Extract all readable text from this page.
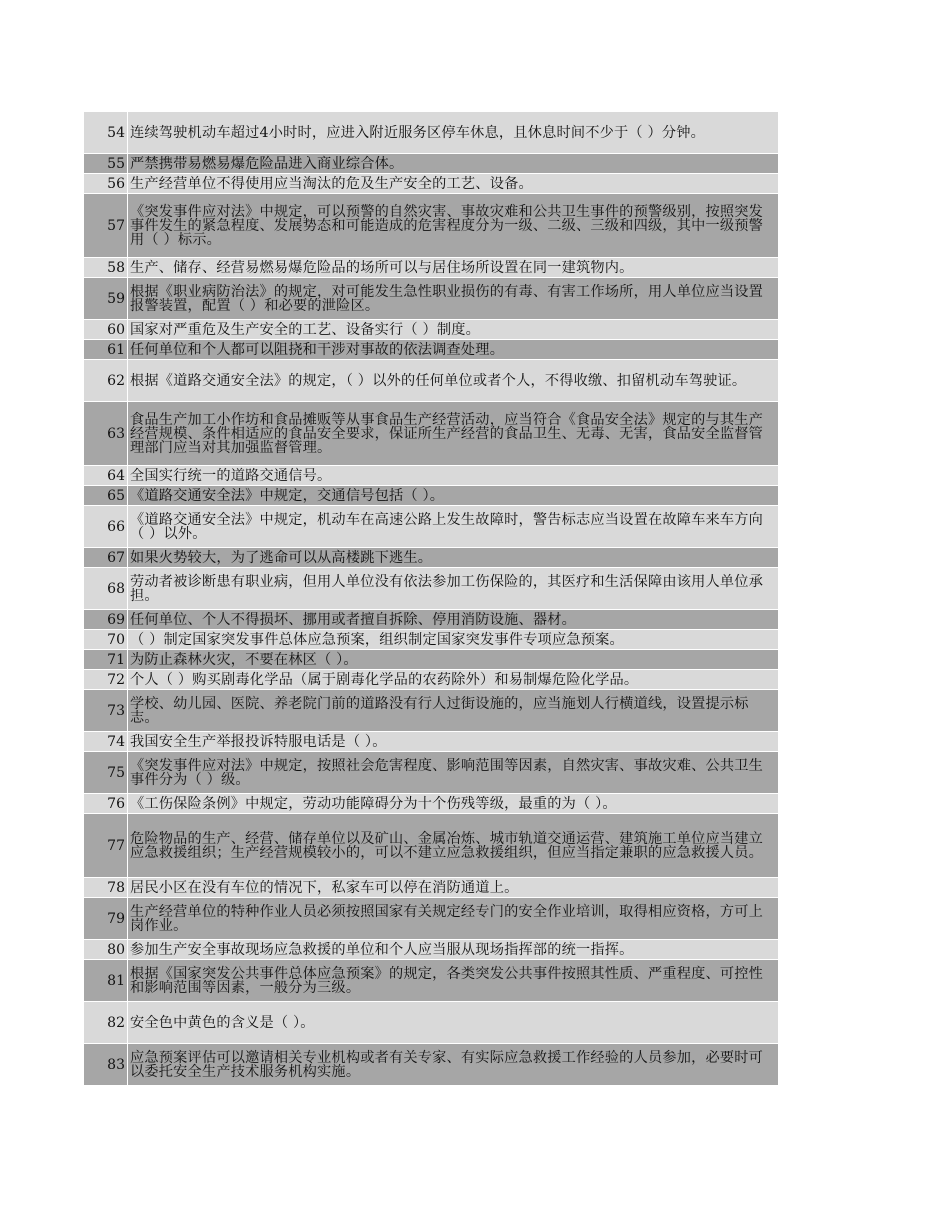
54 连续驾驶机动车超过4小时时，应进入附近服务区停车休息，且休息时间不少于（ ）分钟。
55 严禁携带易燃易爆危险品进入商业综合体。
56 生产经营单位不得使用应当淘汰的危及生产安全的工艺、设备。
57
《突发事件应对法》中规定，可以预警的自然灾害、事故灾难和公共卫生事件的预警级别，按照突发事件发生的紧急程度、发展势态和可能造成的危害程度分为一级、二级、三级和四级，其中一级预警用（ ）标示。
58 生产、储存、经营易燃易爆危险品的场所可以与居住场所设置在同一建筑物内。
59 根据《职业病防治法》的规定，对可能发生急性职业损伤的有毒、有害工作场所，用人单位应当设置报警装置，配置（ ）和必要的泄险区。
60 国家对严重危及生产安全的工艺、设备实行（ ）制度。
61 任何单位和个人都可以阻挠和干涉对事故的依法调查处理。
62 根据《道路交通安全法》的规定，（ ）以外的任何单位或者个人，不得收缴、扣留机动车驾驶证。
63
食品生产加工小作坊和食品摊贩等从事食品生产经营活动，应当符合《食品安全法》规定的与其生产经营规模、条件相适应的食品安全要求，保证所生产经营的食品卫生、无毒、无害，食品安全监督管理部门应当对其加强监督管理。
64 全国实行统一的道路交通信号。
65 《道路交通安全法》中规定，交通信号包括（ ）。
66 《道路交通安全法》中规定，机动车在高速公路上发生故障时，警告标志应当设置在故障车来车方向（ ）以外。
67 如果火势较大，为了逃命可以从高楼跳下逃生。
68 劳动者被诊断患有职业病，但用人单位没有依法参加工伤保险的，其医疗和生活保障由该用人单位承担。
69 任何单位、个人不得损坏、挪用或者擅自拆除、停用消防设施、器材。
70 （ ）制定国家突发事件总体应急预案，组织制定国家突发事件专项应急预案。
71 为防止森林火灾，不要在林区（ ）。
72 个人（ ）购买剧毒化学品（属于剧毒化学品的农药除外）和易制爆危险化学品。
73 学校、幼儿园、医院、养老院门前的道路没有行人过街设施的，应当施划人行横道线，设置提示标志。
74 我国安全生产举报投诉特服电话是（ ）。
75 《突发事件应对法》中规定，按照社会危害程度、影响范围等因素，自然灾害、事故灾难、公共卫生事件分为（ ）级。
76 《工伤保险条例》中规定，劳动功能障碍分为十个伤残等级，最重的为（ ）。
77 危险物品的生产、经营、储存单位以及矿山、金属冶炼、城市轨道交通运营、建筑施工单位应当建立应急救援组织；生产经营规模较小的，可以不建立应急救援组织，但应当指定兼职的应急救援人员。
78 居民小区在没有车位的情况下，私家车可以停在消防通道上。
79 生产经营单位的特种作业人员必须按照国家有关规定经专门的安全作业培训，取得相应资格，方可上岗作业。
80 参加生产安全事故现场应急救援的单位和个人应当服从现场指挥部的统一指挥。
81 根据《国家突发公共事件总体应急预案》的规定，各类突发公共事件按照其性质、严重程度、可控性和影响范围等因素，一般分为三级。
82 安全色中黄色的含义是（ ）。
83 应急预案评估可以邀请相关专业机构或者有关专家、有实际应急救援工作经验的人员参加，必要时可以委托安全生产技术服务机构实施。
